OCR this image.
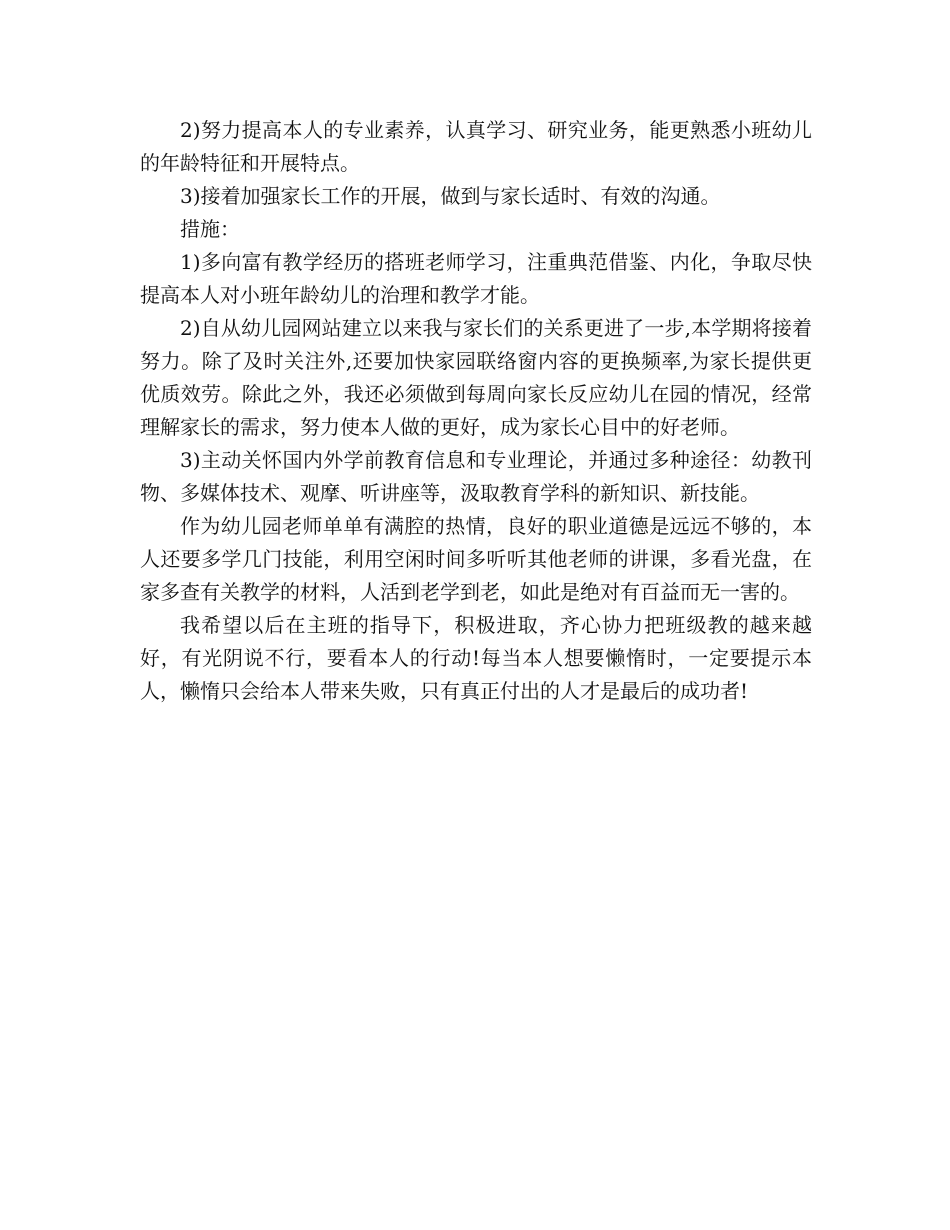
2)努力提高本人的专业素养，认真学习、研究业务，能更熟悉小班幼儿的年龄特征和开展特点。

3)接着加强家长工作的开展，做到与家长适时、有效的沟通。

措施：

1)多向富有教学经历的搭班老师学习，注重典范借鉴、内化，争取尽快提高本人对小班年龄幼儿的治理和教学才能。

2)自从幼儿园网站建立以来我与家长们的关系更进了一步,本学期将接着努力。除了及时关注外,还要加快家园联络窗内容的更换频率,为家长提供更优质效劳。除此之外，我还必须做到每周向家长反应幼儿在园的情况，经常理解家长的需求，努力使本人做的更好，成为家长心目中的好老师。

3)主动关怀国内外学前教育信息和专业理论，并通过多种途径：幼教刊物、多媒体技术、观摩、听讲座等，汲取教育学科的新知识、新技能。

作为幼儿园老师单单有满腔的热情，良好的职业道德是远远不够的，本人还要多学几门技能，利用空闲时间多听听其他老师的讲课，多看光盘，在家多查有关教学的材料，人活到老学到老，如此是绝对有百益而无一害的。

我希望以后在主班的指导下，积极进取，齐心协力把班级教的越来越好，有光阴说不行，要看本人的行动!每当本人想要懒惰时，一定要提示本人，懒惰只会给本人带来失败，只有真正付出的人才是最后的成功者!
